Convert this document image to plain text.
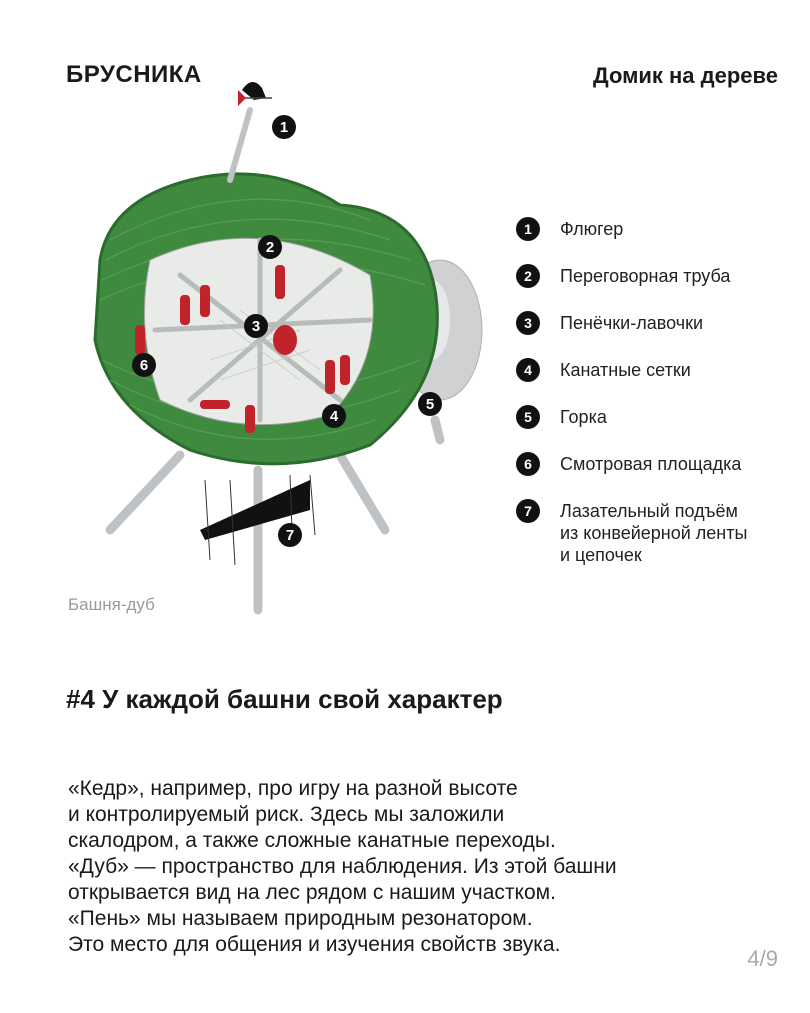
БРУСНИКА	Домик на дереве
1
2
3
4
5
6
7
Башня-дуб
1	Флюгер
2	Переговорная труба
3	Пенёчки-лавочки
4	Канатные сетки
5	Горка
6	Смотровая площадка
7	Лазательный подъём
из конвейерной ленты
и цепочек
#4 У каждой башни свой характер

«Кедр», например, про игру на разной высоте
и контролируемый риск. Здесь мы заложили
скалодром, а также сложные канатные переходы.
«Дуб» — пространство для наблюдения. Из этой башни
открывается вид на лес рядом с нашим участком.
«Пень» мы называем природным резонатором.
Это место для общения и изучения свойств звука.

4/9
